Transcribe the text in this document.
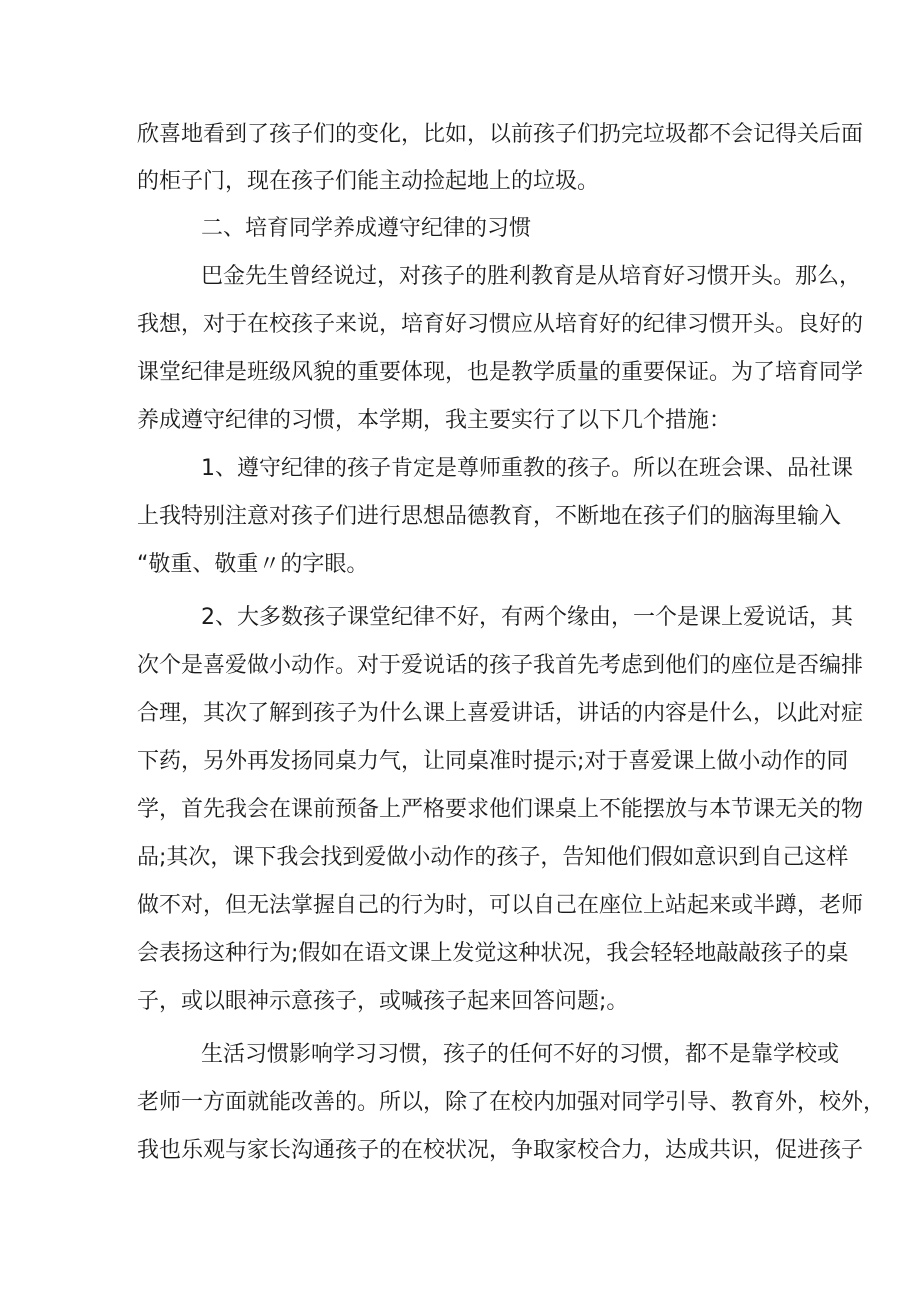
欣喜地看到了孩子们的变化，比如，以前孩子们扔完垃圾都不会记得关后面
的柜子门，现在孩子们能主动捡起地上的垃圾。
二、培育同学养成遵守纪律的习惯
巴金先生曾经说过，对孩子的胜利教育是从培育好习惯开头。那么，
我想，对于在校孩子来说，培育好习惯应从培育好的纪律习惯开头。良好的
课堂纪律是班级风貌的重要体现，也是教学质量的重要保证。为了培育同学
养成遵守纪律的习惯，本学期，我主要实行了以下几个措施：
1、遵守纪律的孩子肯定是尊师重教的孩子。所以在班会课、品社课
上我特别注意对孩子们进行思想品德教育，不断地在孩子们的脑海里输入
“敬重、敬重〃的字眼。
2、大多数孩子课堂纪律不好，有两个缘由，一个是课上爱说话，其
次个是喜爱做小动作。对于爱说话的孩子我首先考虑到他们的座位是否编排
合理，其次了解到孩子为什么课上喜爱讲话，讲话的内容是什么，以此对症
下药，另外再发扬同桌力气，让同桌准时提示;对于喜爱课上做小动作的同
学，首先我会在课前预备上严格要求他们课桌上不能摆放与本节课无关的物
品;其次，课下我会找到爱做小动作的孩子，告知他们假如意识到自己这样
做不对，但无法掌握自己的行为时，可以自己在座位上站起来或半蹲，老师
会表扬这种行为;假如在语文课上发觉这种状况，我会轻轻地敲敲孩子的桌
子，或以眼神示意孩子，或喊孩子起来回答问题;。
生活习惯影响学习习惯，孩子的任何不好的习惯，都不是靠学校或
老师一方面就能改善的。所以，除了在校内加强对同学引导、教育外，校外，
我也乐观与家长沟通孩子的在校状况，争取家校合力，达成共识，促进孩子
